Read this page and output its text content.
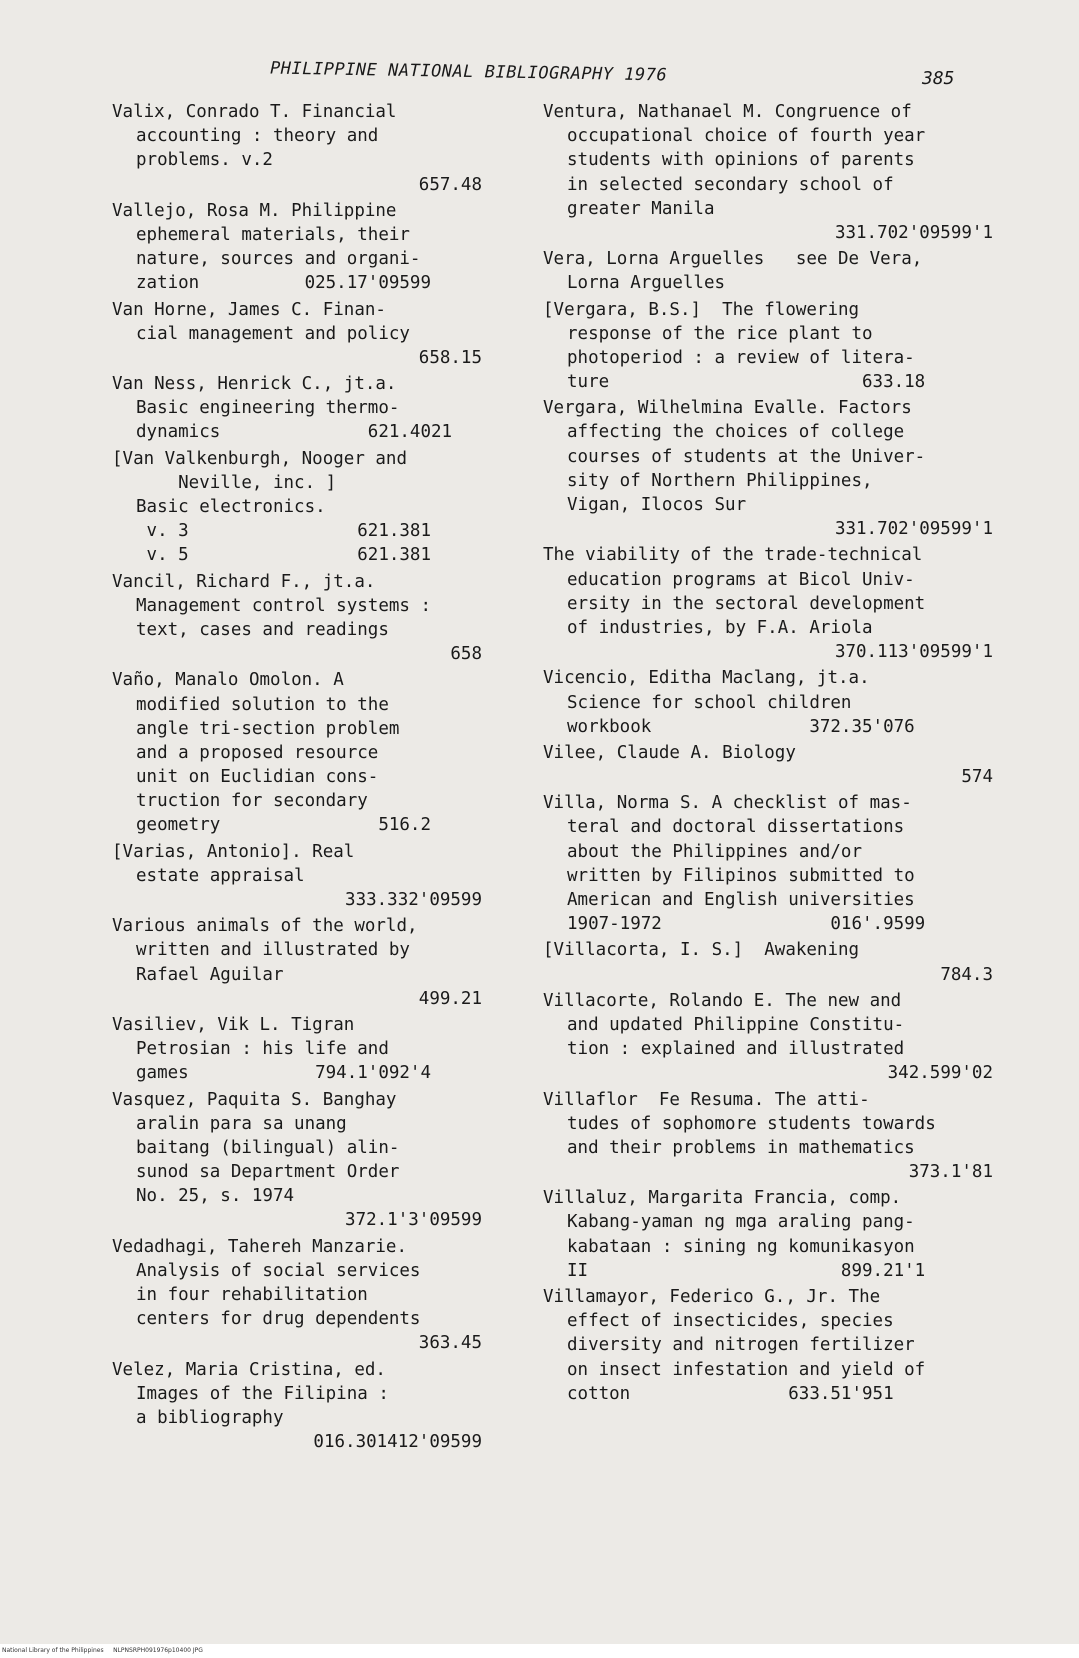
PHILIPPINE NATIONAL BIBLIOGRAPHY 1976	385
Valix, Conrado T. Financial
accounting : theory and
problems. v.2
657.48
Vallejo, Rosa M. Philippine
ephemeral materials, their
nature, sources and organi-
zation          025.17'09599
Van Horne, James C. Finan-
cial management and policy
658.15
Van Ness, Henrick C., jt.a.
Basic engineering thermo-
dynamics              621.4021
[Van Valkenburgh, Nooger and
Neville, inc. ]
Basic electronics.
v. 3                621.381
v. 5                621.381
Vancil, Richard F., jt.a.
Management control systems :
text, cases and readings
658
Vaño, Manalo Omolon. A
modified solution to the
angle tri-section problem
and a proposed resource
unit on Euclidian cons-
truction for secondary
geometry               516.2
[Varias, Antonio]. Real
estate appraisal
333.332'09599
Various animals of the world,
written and illustrated by
Rafael Aguilar
499.21
Vasiliev, Vik L. Tigran
Petrosian : his life and
games            794.1'092'4
Vasquez, Paquita S. Banghay
aralin para sa unang
baitang (bilingual) alin-
sunod sa Department Order
No. 25, s. 1974
372.1'3'09599
Vedadhagi, Tahereh Manzarie.
Analysis of social services
in four rehabilitation
centers for drug dependents
363.45
Velez, Maria Cristina, ed.
Images of the Filipina :
a bibliography
016.301412'09599
Ventura, Nathanael M. Congruence of
occupational choice of fourth year
students with opinions of parents
in selected secondary school of
greater Manila
331.702'09599'1
Vera, Lorna Arguelles   see De Vera,
Lorna Arguelles
[Vergara, B.S.]  The flowering
response of the rice plant to
photoperiod : a review of litera-
ture                        633.18
Vergara, Wilhelmina Evalle. Factors
affecting the choices of college
courses of students at the Univer-
sity of Northern Philippines,
Vigan, Ilocos Sur
331.702'09599'1
The viability of the trade-technical
education programs at Bicol Univ-
ersity in the sectoral development
of industries, by F.A. Ariola
370.113'09599'1
Vicencio, Editha Maclang, jt.a.
Science for school children
workbook               372.35'076
Vilee, Claude A. Biology
574
Villa, Norma S. A checklist of mas-
teral and doctoral dissertations
about the Philippines and/or
written by Filipinos submitted to
American and English universities
1907-1972                016'.9599
[Villacorta, I. S.]  Awakening
784.3
Villacorte, Rolando E. The new and
and updated Philippine Constitu-
tion : explained and illustrated
342.599'02
Villaflor  Fe Resuma. The atti-
tudes of sophomore students towards
and their problems in mathematics
373.1'81
Villaluz, Margarita Francia, comp.
Kabang-yaman ng mga araling pang-
kabataan : sining ng komunikasyon
II                        899.21'1
Villamayor, Federico G., Jr. The
effect of insecticides, species
diversity and nitrogen fertilizer
on insect infestation and yield of
cotton               633.51'951
National Library of the Philippines     NLPNSRPH091976p10400 JPG
